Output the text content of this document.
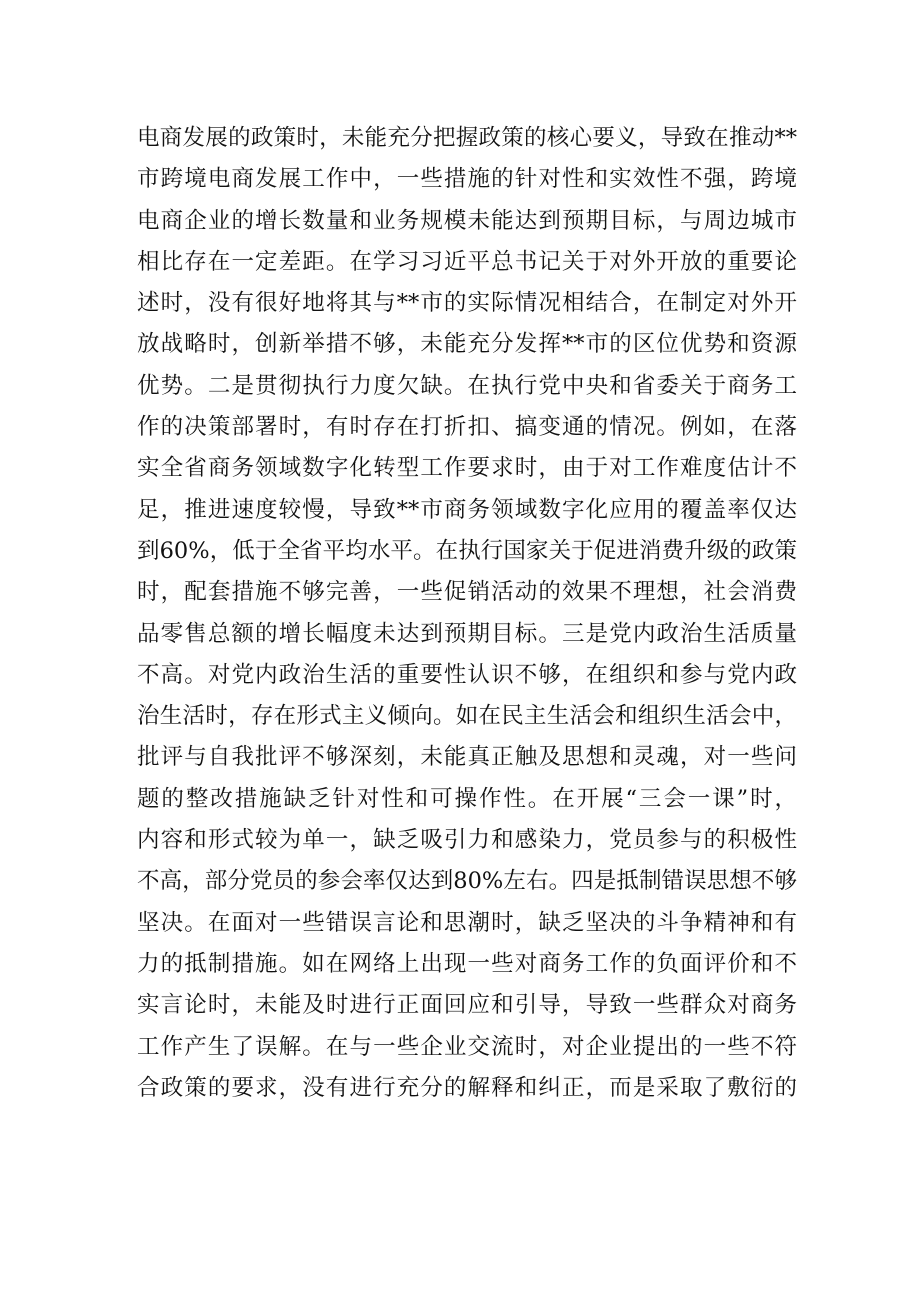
电商发展的政策时，未能充分把握政策的核心要义，导致在推动**
市跨境电商发展工作中，一些措施的针对性和实效性不强，跨境
电商企业的增长数量和业务规模未能达到预期目标，与周边城市
相比存在一定差距。在学习习近平总书记关于对外开放的重要论
述时，没有很好地将其与**市的实际情况相结合，在制定对外开
放战略时，创新举措不够，未能充分发挥**市的区位优势和资源
优势。二是贯彻执行力度欠缺。在执行党中央和省委关于商务工
作的决策部署时，有时存在打折扣、搞变通的情况。例如，在落
实全省商务领域数字化转型工作要求时，由于对工作难度估计不
足，推进速度较慢，导致**市商务领域数字化应用的覆盖率仅达
到60%，低于全省平均水平。在执行国家关于促进消费升级的政策
时，配套措施不够完善，一些促销活动的效果不理想，社会消费
品零售总额的增长幅度未达到预期目标。三是党内政治生活质量
不高。对党内政治生活的重要性认识不够，在组织和参与党内政
治生活时，存在形式主义倾向。如在民主生活会和组织生活会中，
批评与自我批评不够深刻，未能真正触及思想和灵魂，对一些问
题的整改措施缺乏针对性和可操作性。在开展“三会一课”时，
内容和形式较为单一，缺乏吸引力和感染力，党员参与的积极性
不高，部分党员的参会率仅达到80%左右。四是抵制错误思想不够
坚决。在面对一些错误言论和思潮时，缺乏坚决的斗争精神和有
力的抵制措施。如在网络上出现一些对商务工作的负面评价和不
实言论时，未能及时进行正面回应和引导，导致一些群众对商务
工作产生了误解。在与一些企业交流时，对企业提出的一些不符
合政策的要求，没有进行充分的解释和纠正，而是采取了敷衍的
